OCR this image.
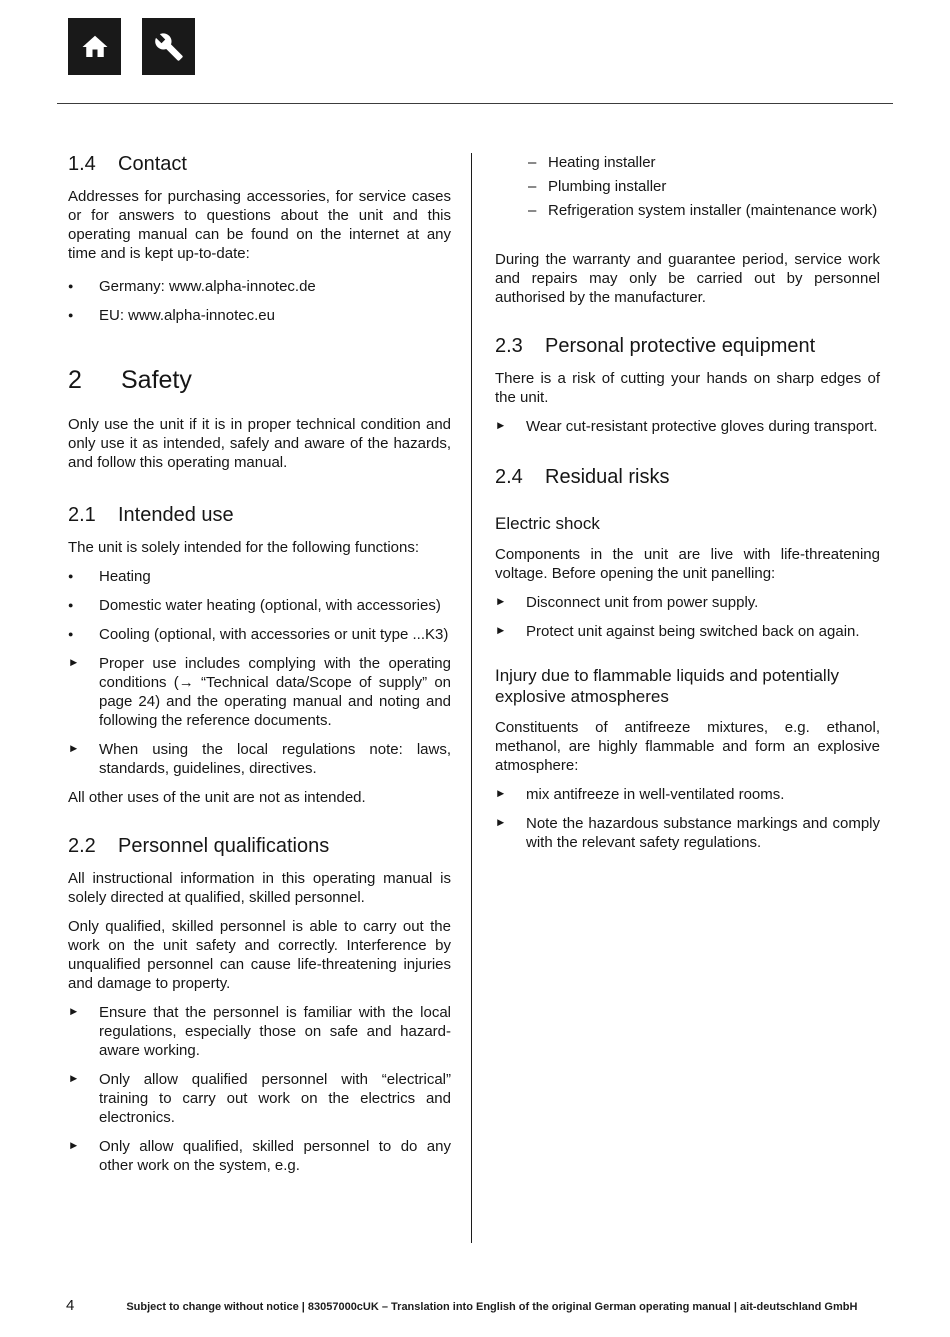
1.4	Contact

Addresses for purchasing accessories, for service cases or for answers to questions about the unit and this operating manual can be found on the internet at any time and is kept up-to-date:

●	Germany: www.alpha-innotec.de
●	EU: www.alpha-innotec.eu
2	Safety

Only use the unit if it is in proper technical condition and only use it as intended, safely and aware of the hazards, and follow this operating manual.

2.1	Intended use

The unit is solely intended for the following functions:

●	Heating
●	Domestic water heating (optional, with accessories)
●	Cooling (optional, with accessories or unit type ...K3)
►	Proper use includes complying with the operating conditions (→ “Technical data/Scope of supply” on page 24) and the operating manual and noting and following the reference documents.
►	When using the local regulations note: laws, standards, guidelines, directives.

All other uses of the unit are not as intended.

2.2	Personnel qualifications

All instructional information in this operating manual is solely directed at qualified, skilled personnel.

Only qualified, skilled personnel is able to carry out the work on the unit safety and correctly. Interference by unqualified personnel can cause life-threatening injuries and damage to property.

►	Ensure that the personnel is familiar with the local regulations, especially those on safe and hazard-aware working.
►	Only allow qualified personnel with “electrical” training to carry out work on the electrics and electronics.
►	Only allow qualified, skilled personnel to do any other work on the system, e.g.
– Heating installer
– Plumbing installer
– Refrigeration system installer (maintenance work)

During the warranty and guarantee period, service work and repairs may only be carried out by personnel authorised by the manufacturer.

2.3	Personal protective equipment

There is a risk of cutting your hands on sharp edges of the unit.

►	Wear cut-resistant protective gloves during transport.
2.4	Residual risks
Electric shock

Components in the unit are live with life-threatening voltage. Before opening the unit panelling:

►	Disconnect unit from power supply.
►	Protect unit against being switched back on again.
Injury due to flammable liquids and potentially explosive atmospheres

Constituents of antifreeze mixtures, e.g. ethanol, methanol, are highly flammable and form an explosive atmosphere:

►	mix antifreeze in well-ventilated rooms.
►	Note the hazardous substance markings and comply with the relevant safety regulations.
4	Subject to change without notice | 83057000cUK – Translation into English of the original German operating manual | ait-deutschland GmbH
